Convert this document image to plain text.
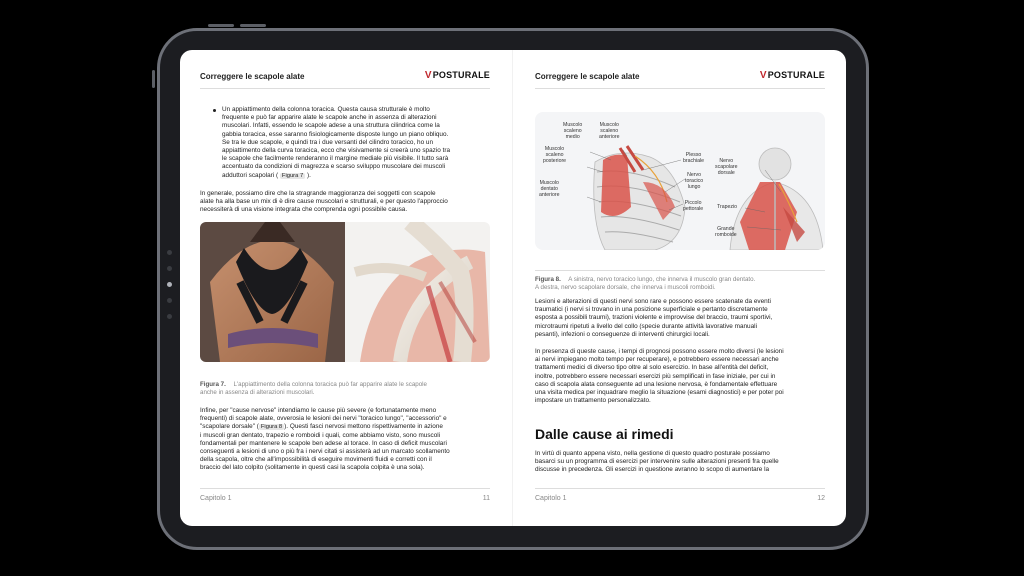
Correggere le scapole alate	VPOSTURALE
Un appiattimento della colonna toracica. Questa causa strutturale è molto
frequente e può far apparire alate le scapole anche in assenza di alterazioni
muscolari. Infatti, essendo le scapole adese a una struttura cilindrica come la
gabbia toracica, esse saranno fisiologicamente disposte lungo un piano obliquo.
Se tra le due scapole, e quindi tra i due versanti del cilindro toracico, ho un
appiattimento della curva toracica, ecco che visivamente si creerà uno spazio tra
le scapole che facilmente renderanno il margine mediale più visibile. Il tutto sarà
accentuato da condizioni di magrezza e scarso sviluppo muscolare dei muscoli
adduttori scapolari ( Figura 7 ).
In generale, possiamo dire che la stragrande maggioranza dei soggetti con scapole
alate ha alla base un mix di è dire cause muscolari e strutturali, e per questo l'approccio
necessiterà di una visione integrata che comprenda ogni possibile causa.
Figura 7. L'appiattimento della colonna toracica può far apparire alate le scapole
anche in assenza di alterazioni muscolari.
Infine, per "cause nervose" intendiamo le cause più severe (e fortunatamente meno
frequenti) di scapole alate, ovverosia le lesioni dei nervi "toracico lungo", "accessorio" e
"scapolare dorsale" ( Figura 8 ). Questi fasci nervosi mettono rispettivamente in azione
i muscoli gran dentato, trapezio e romboidi i quali, come abbiamo visto, sono muscoli
fondamentali per mantenere le scapole ben adese al torace. In caso di deficit muscolari
conseguenti a lesioni di uno o più fra i nervi citati si assisterà ad un marcato scollamento
della scapola, oltre che all'impossibilità di eseguire movimenti fluidi e corretti con il
braccio del lato colpito (solitamente in questi casi la scapola colpita è una sola).
Capitolo 1	11
Correggere le scapole alate	VPOSTURALE
Muscolo
scaleno
medio
Muscolo
scaleno
anteriore
Muscolo
scaleno
posteriore
Muscolo
dentato
anteriore
Plesso
brachiale
Nervo
toracico
lungo
Piccolo
pettorale
Nervo
scapolare
dorsale
Trapezio
Grande
romboide
Figura 8. A sinistra, nervo toracico lungo, che innerva il muscolo gran dentato.
A destra, nervo scapolare dorsale, che innerva i muscoli romboidi.
Lesioni e alterazioni di questi nervi sono rare e possono essere scatenate da eventi
traumatici (i nervi si trovano in una posizione superficiale e pertanto discretamente
esposta a possibili traumi), trazioni violente e improvvise del braccio, traumi sportivi,
microtraumi ripetuti a livello del collo (specie durante attività lavorative manuali
pesanti), infezioni o conseguenze di interventi chirurgici locali.
In presenza di queste cause, i tempi di prognosi possono essere molto diversi (le lesioni
ai nervi impiegano molto tempo per recuperare), e potrebbero essere necessari anche
trattamenti medici di diverso tipo oltre al solo esercizio. In base all'entità del deficit,
inoltre, potrebbero essere necessari esercizi più semplificati in fase iniziale, per cui in
caso di scapola alata conseguente ad una lesione nervosa, è fondamentale effettuare
una visita medica per inquadrare meglio la situazione (esami diagnostici) e per poter poi
impostare un trattamento personalizzato.
Dalle cause ai rimedi
In virtù di quanto appena visto, nella gestione di questo quadro posturale possiamo
basarci su un programma di esercizi per intervenire sulle alterazioni presenti fra quelle
discusse in precedenza. Gli esercizi in questione avranno lo scopo di aumentare la
Capitolo 1	12
